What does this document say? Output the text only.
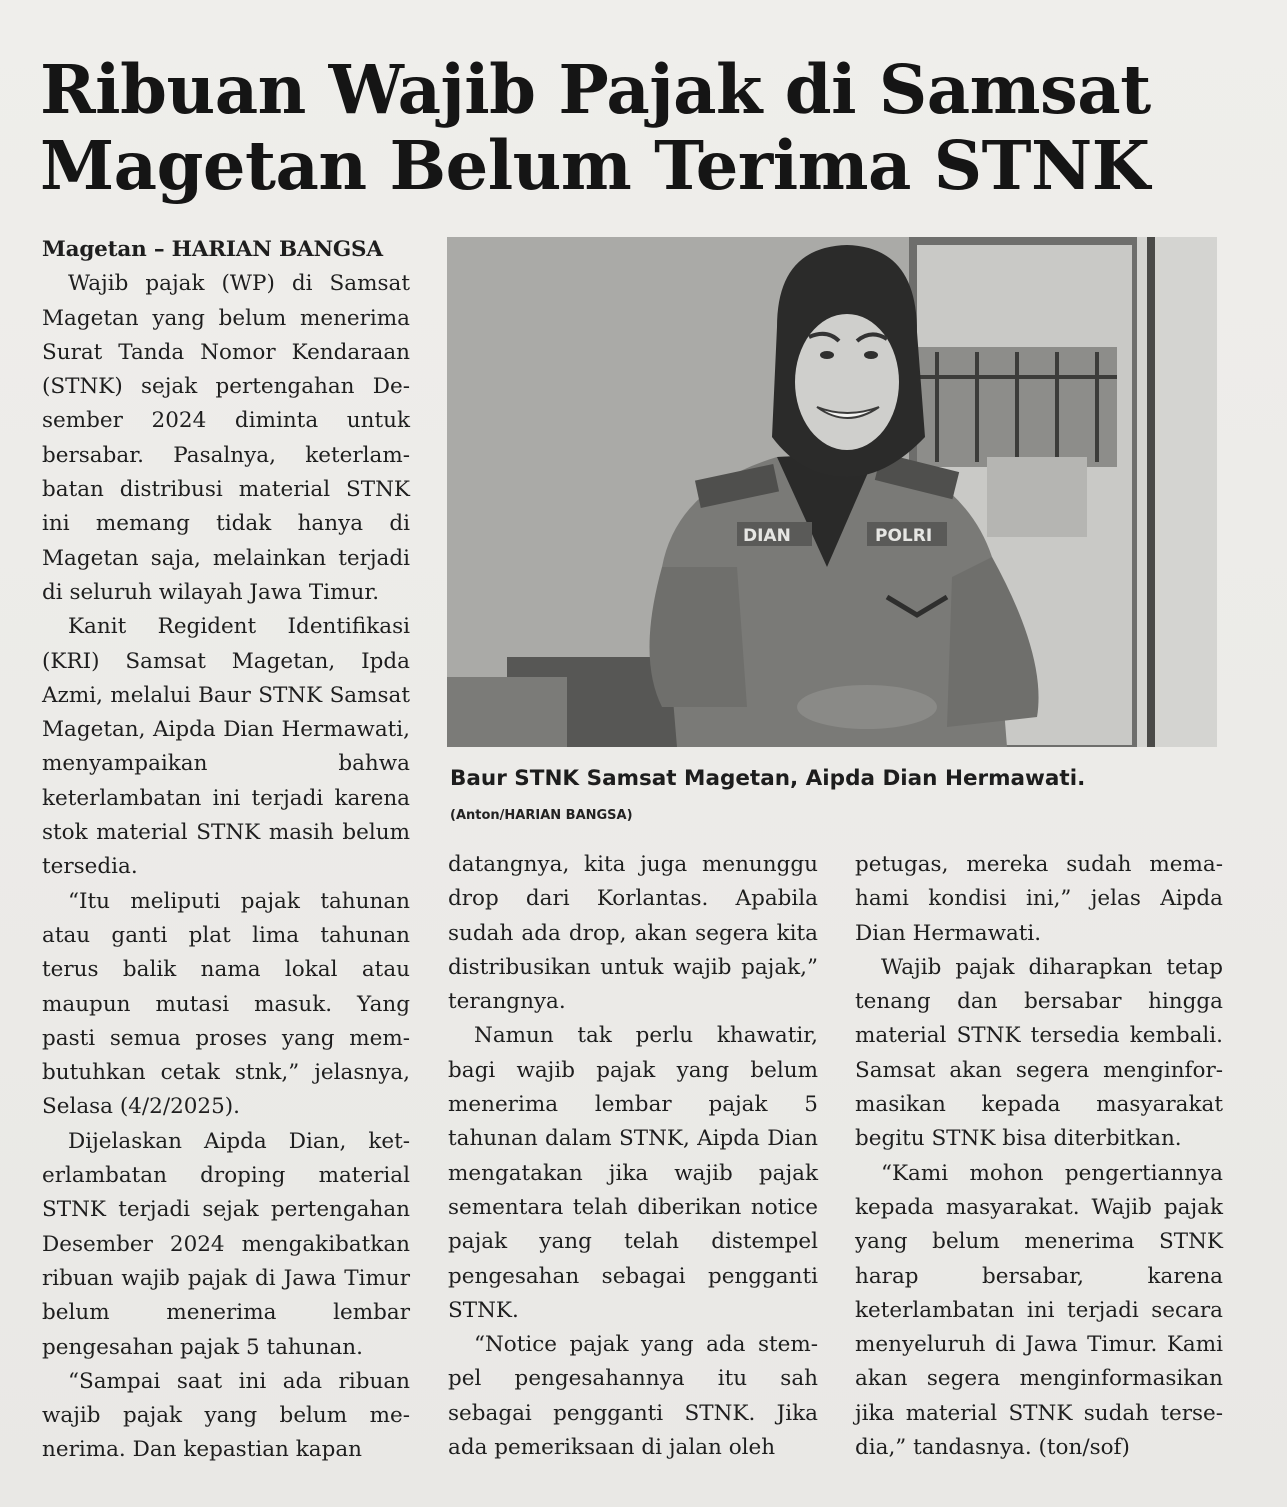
Ribuan Wajib Pajak di Samsat
Magetan Belum Terima STNK

Magetan – HARIAN BANGSA

Wajib pajak (WP) di Samsat Magetan yang belum menerima Surat Tanda Nomor Kendaraan (STNK) sejak pertengahan Desember 2024 diminta untuk bersabar. Pasalnya, keterlambatan distribusi material STNK ini memang tidak hanya di Magetan saja, melainkan terjadi di seluruh wilayah Jawa Timur.

Kanit Regident Identifikasi (KRI) Samsat Magetan, Ipda Azmi, melalui Baur STNK Samsat Magetan, Aipda Dian Hermawati, menyampaikan bahwa keterlambatan ini terjadi karena stok material STNK masih belum tersedia.

“Itu meliputi pajak tahunan atau ganti plat lima tahunan terus balik nama lokal atau maupun mutasi masuk. Yang pasti semua proses yang membutuhkan cetak stnk,” jelasnya, Selasa (4/2/2025).

Dijelaskan Aipda Dian, keterlambatan droping material STNK terjadi sejak pertengahan Desember 2024 mengakibatkan ribuan wajib pajak di Jawa Timur belum menerima lembar pengesahan pajak 5 tahunan.

“Sampai saat ini ada ribuan wajib pajak yang belum menerima. Dan kepastian kapan

DIAN	POLRI

Baur STNK Samsat Magetan, Aipda Dian Hermawati.

(Anton/HARIAN BANGSA)

datangnya, kita juga menunggu drop dari Korlantas. Apabila sudah ada drop, akan segera kita distribusikan untuk wajib pajak,” terangnya.

Namun tak perlu khawatir, bagi wajib pajak yang belum menerima lembar pajak 5 tahunan dalam STNK, Aipda Dian mengatakan jika wajib pajak sementara telah diberikan notice pajak yang telah distempel pengesahan sebagai pengganti STNK.

“Notice pajak yang ada stempel pengesahannya itu sah sebagai pengganti STNK. Jika ada pemeriksaan di jalan oleh

petugas, mereka sudah memahami kondisi ini,” jelas Aipda Dian Hermawati.

Wajib pajak diharapkan tetap tenang dan bersabar hingga material STNK tersedia kembali. Samsat akan segera menginformasikan kepada masyarakat begitu STNK bisa diterbitkan.

“Kami mohon pengertiannya kepada masyarakat. Wajib pajak yang belum menerima STNK harap bersabar, karena keterlambatan ini terjadi secara menyeluruh di Jawa Timur. Kami akan segera menginformasikan jika material STNK sudah tersedia,” tandasnya. (ton/sof)
